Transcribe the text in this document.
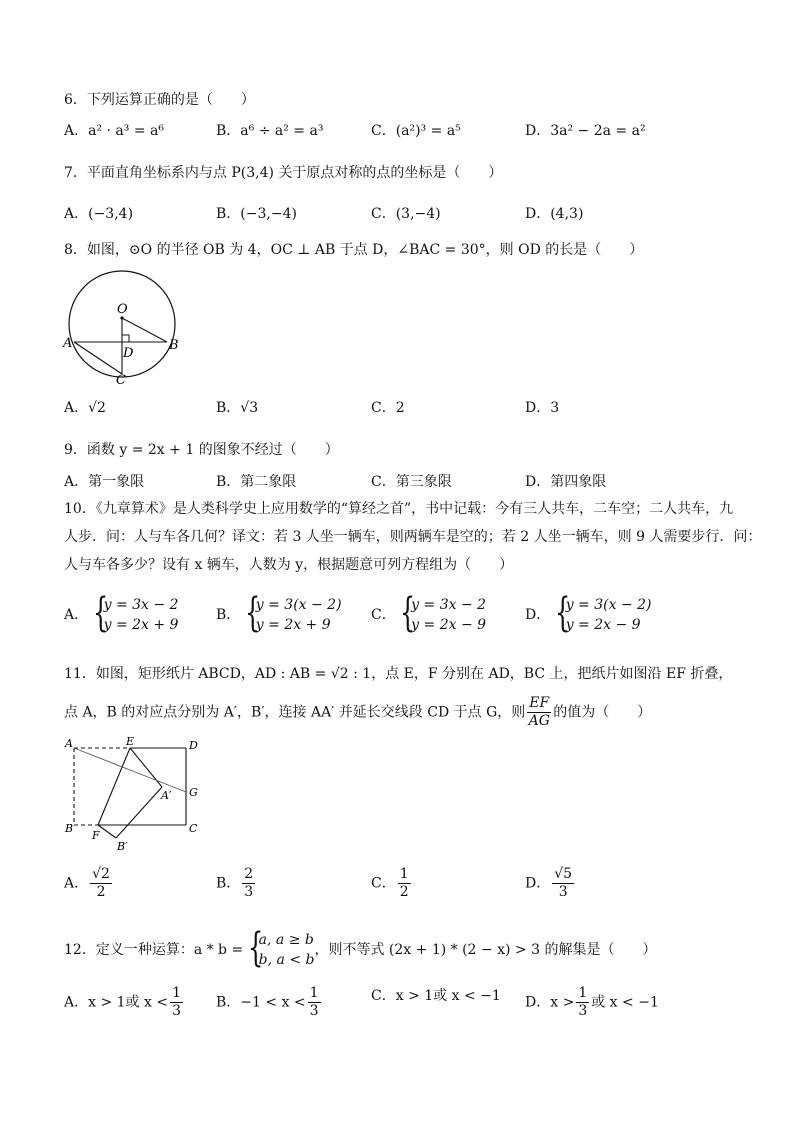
6．下列运算正确的是（　　）
A．a² · a³ = a⁶	B．a⁶ ÷ a² = a³	C．(a²)³ = a⁵	D．3a² − 2a = a²
7．平面直角坐标系内与点 P(3,4) 关于原点对称的点的坐标是（　　）
A．(−3,4)	B．(−3,−4)	C．(3,−4)	D．(4,3)
8．如图，⊙O 的半径 OB 为 4，OC ⊥ AB 于点 D，∠BAC = 30°，则 OD 的长是（　　）
O
A	B
C
D
A．√2	B．√3	C．2	D．3
9．函数 y = 2x + 1 的图象不经过（　　）
A．第一象限	B．第二象限	C．第三象限	D．第四象限
10．《九章算术》是人类科学史上应用数学的“算经之首”，书中记载：今有三人共车，二车空；二人共车，九
人步．问：人与车各几何？译文：若 3 人坐一辆车，则两辆车是空的；若 2 人坐一辆车，则 9 人需要步行．问：
人与车各多少？设有 x 辆车，人数为 y，根据题意可列方程组为（　　）
A． {
y = 3x − 2
y = 2x + 9
B． {
y = 3(x − 2)
y = 2x + 9
C． {
y = 3x − 2
y = 2x − 9
D． {
y = 3(x − 2)
y = 2x − 9
11．如图，矩形纸片 ABCD，AD : AB = √2 : 1，点 E，F 分别在 AD，BC 上，把纸片如图沿 EF 折叠，
点 A，B 的对应点分别为 A′，B′，连接 AA′ 并延长交线段 CD 于点 G，则 $\frac{EF}{AG}$ 的值为（　　）
A	E	D
G
A′
B
F
C
B′
A． $\frac{√2}{2}$	B． $\frac{2}{3}$	C． $\frac{1}{2}$	D． $\frac{√5}{3}$
12．定义一种运算：a * b = {
a, a ≥ b
b, a < b
，则不等式 (2x + 1) * (2 − x) > 3 的解集是（　　）
A．x > 1或 $x < \frac{1}{3}$ B．$-1 < x < \frac{1}{3}$	C．x > 1或 x < −1 D．$x > \frac{1}{3}$ 或 x < −1
